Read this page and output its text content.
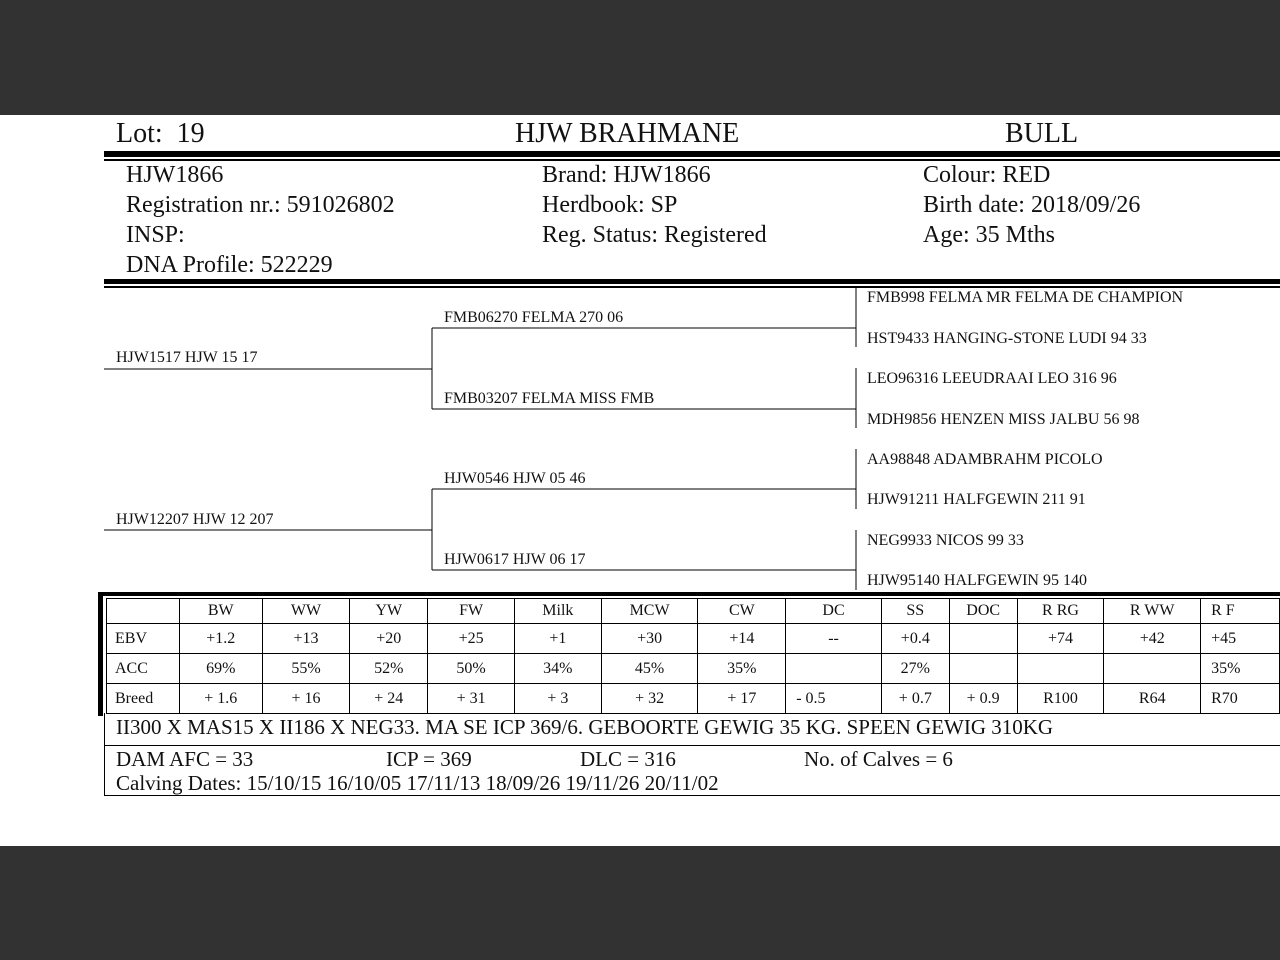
Lot: 19	HJW BRAHMANE	BULL
HJW1866
Registration nr.: 591026802
INSP:
DNA Profile: 522229
Brand: HJW1866
Herdbook: SP
Reg. Status: Registered
Colour: RED
Birth date: 2018/09/26
Age: 35 Mths
HJW1517 HJW 15 17
HJW12207 HJW 12 207
FMB06270 FELMA 270 06
FMB03207 FELMA MISS FMB
HJW0546 HJW 05 46
HJW0617 HJW 06 17
FMB998 FELMA MR FELMA DE CHAMPION
HST9433 HANGING-STONE LUDI 94 33
LEO96316 LEEUDRAAI LEO 316 96
MDH9856 HENZEN MISS JALBU 56 98
AA98848 ADAMBRAHM PICOLO
HJW91211 HALFGEWIN 211 91
NEG9933 NICOS 99 33
HJW95140 HALFGEWIN 95 140
	BW	WW	YW	FW	Milk	MCW	CW	DC	SS	DOC	R RG	R WW	R F
EBV	+1.2	+13	+20	+25	+1	+30	+14	--	+0.4		+74	+42	+45
ACC	69%	55%	52%	50%	34%	45%	35%		27%				35%
Breed	+ 1.6	+ 16	+ 24	+ 31	+ 3	+ 32	+ 17	- 0.5	+ 0.7	+ 0.9	R100	R64	R70
II300 X MAS15 X II186 X NEG33. MA SE ICP 369/6. GEBOORTE GEWIG 35 KG. SPEEN GEWIG 310KG
DAM AFC = 33	ICP = 369	DLC = 316	No. of Calves = 6
Calving Dates: 15/10/15 16/10/05 17/11/13 18/09/26 19/11/26 20/11/02
